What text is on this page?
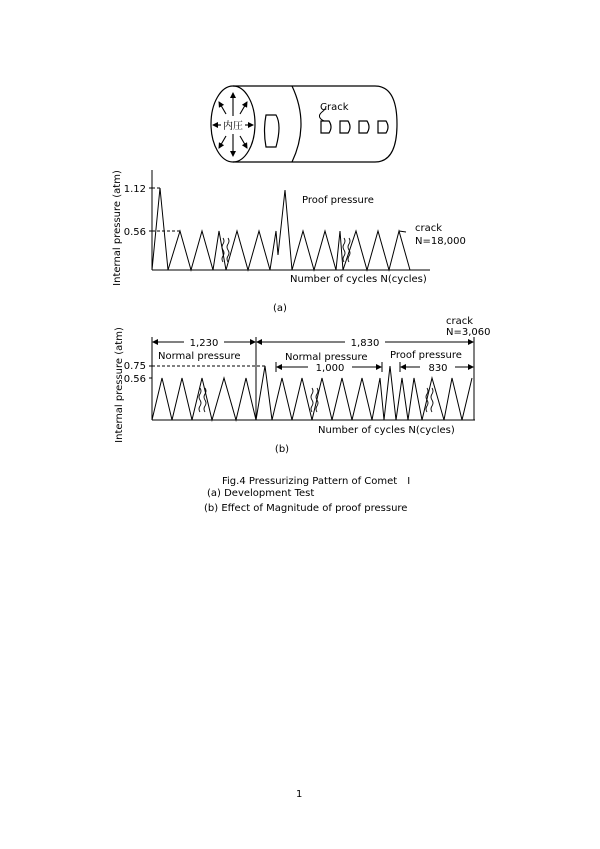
内圧
Crack
1.12
0.56
Internal pressure (atm)	Number of cycles N(cycles)
Proof pressure
crack
N=18,000
(a)
0.75
0.56
1,230	1,830
1,000	830
Normal pressure	Normal pressure Proof pressure
crack
N=3,060
Internal pressure (atm)	Number of cycles N(cycles)
(b)
Fig.4 Pressurizing Pattern of Comet　I
(a) Development Test
(b) Effect of Magnitude of proof pressure
1
